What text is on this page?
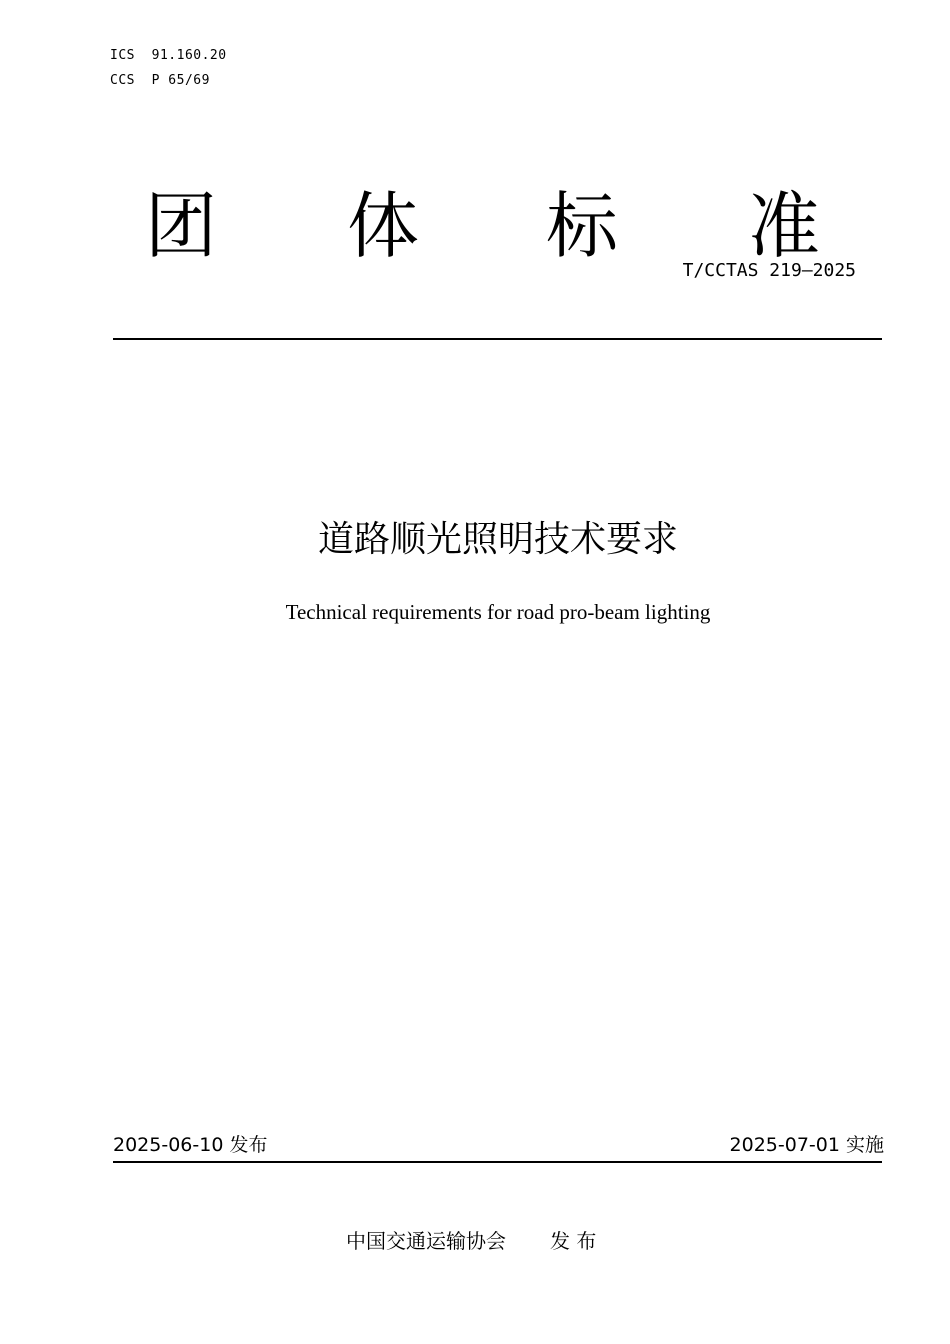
ICS  91.160.20
CCS  P 65/69
团 体 标 准
T/CCTAS 219—2025
道路顺光照明技术要求
Technical requirements for road pro-beam lighting
2025-06-10 发布	2025-07-01 实施
中国交通运输协会 发 布
